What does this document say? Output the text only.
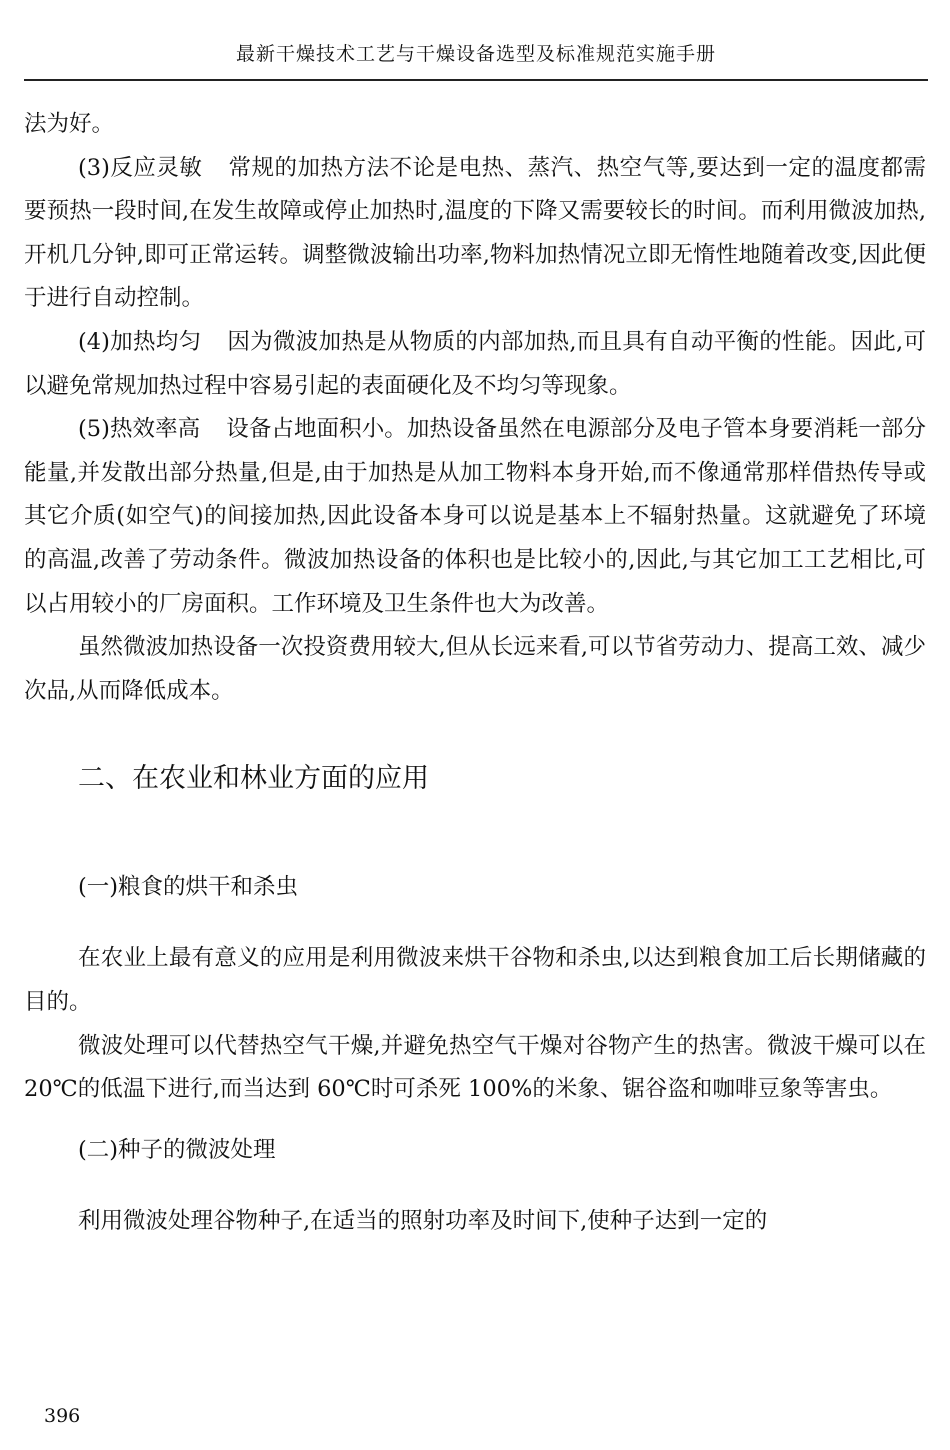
最新干燥技术工艺与干燥设备选型及标准规范实施手册

法为好。

(3)反应灵敏 常规的加热方法不论是电热、蒸汽、热空气等,要达到一定的温度都需要预热一段时间,在发生故障或停止加热时,温度的下降又需要较长的时间。而利用微波加热,开机几分钟,即可正常运转。调整微波输出功率,物料加热情况立即无惰性地随着改变,因此便于进行自动控制。

(4)加热均匀 因为微波加热是从物质的内部加热,而且具有自动平衡的性能。因此,可以避免常规加热过程中容易引起的表面硬化及不均匀等现象。

(5)热效率高 设备占地面积小。加热设备虽然在电源部分及电子管本身要消耗一部分能量,并发散出部分热量,但是,由于加热是从加工物料本身开始,而不像通常那样借热传导或其它介质(如空气)的间接加热,因此设备本身可以说是基本上不辐射热量。这就避免了环境的高温,改善了劳动条件。微波加热设备的体积也是比较小的,因此,与其它加工工艺相比,可以占用较小的厂房面积。工作环境及卫生条件也大为改善。

虽然微波加热设备一次投资费用较大,但从长远来看,可以节省劳动力、提高工效、减少次品,从而降低成本。

二、在农业和林业方面的应用

(一)粮食的烘干和杀虫

在农业上最有意义的应用是利用微波来烘干谷物和杀虫,以达到粮食加工后长期储藏的目的。

微波处理可以代替热空气干燥,并避免热空气干燥对谷物产生的热害。微波干燥可以在 20℃的低温下进行,而当达到 60℃时可杀死 100%的米象、锯谷盗和咖啡豆象等害虫。

(二)种子的微波处理

利用微波处理谷物种子,在适当的照射功率及时间下,使种子达到一定的

396
